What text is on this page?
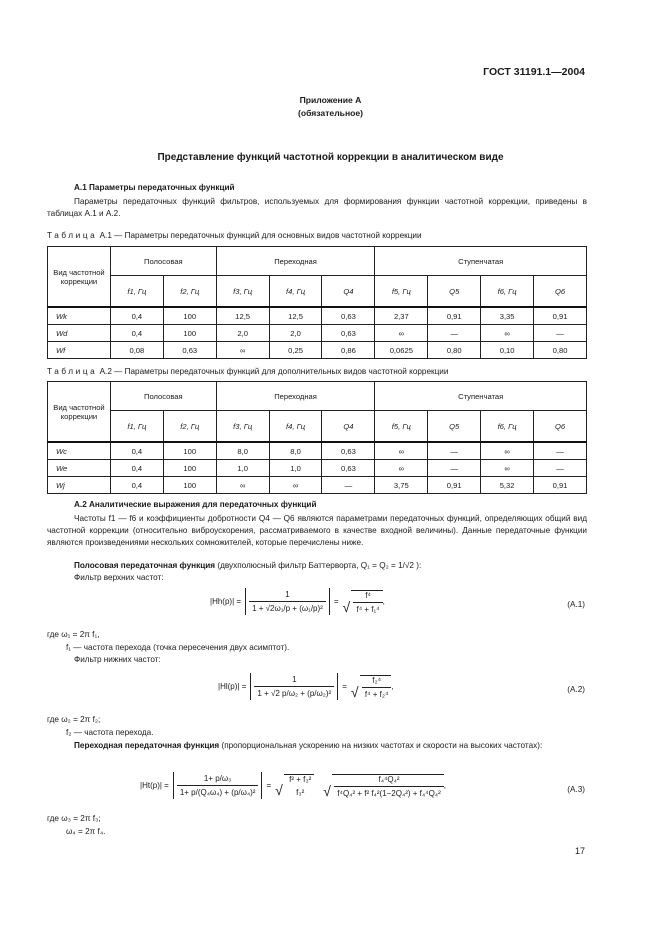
ГОСТ 31191.1—2004
Приложение А
(обязательное)
Представление функций частотной коррекции в аналитическом виде
А.1 Параметры передаточных функций
Параметры передаточных функций фильтров, используемых для формирования функции частотной коррекции, приведены в таблицах А.1 и А.2.
Таблица А.1 — Параметры передаточных функций для основных видов частотной коррекции
Вид частотной коррекции	Полосовая		Переходная			Ступенчатая			
	f1, Гц	f2, Гц	f3, Гц	f4, Гц	Q4	f5, Гц	Q5	f6, Гц	Q6
Wk	0,4	100	12,5	12,5	0,63	2,37	0,91	3,35	0,91
Wd	0,4	100	2,0	2,0	0,63	∞	—	∞	—
Wf	0,08	0,63	∞	0,25	0,86	0,0625	0,80	0,10	0,80
Таблица А.2 — Параметры передаточных функций для дополнительных видов частотной коррекции
Вид частотной коррекции	Полосовая		Переходная			Ступенчатая			
	f1, Гц	f2, Гц	f3, Гц	f4, Гц	Q4	f5, Гц	Q5	f6, Гц	Q6
Wc	0,4	100	8,0	8,0	0,63	∞	—	∞	—
We	0,4	100	1,0	1,0	0,63	∞	—	∞	—
Wj	0,4	100	∞	∞	—	3,75	0,91	5,32	0,91
А.2 Аналитические выражения для передаточных функций
Частоты f1 — f6 и коэффициенты добротности Q4 — Q6 являются параметрами передаточных функций, определяющих общий вид частотной коррекции (относительно виброускорения, рассматриваемого в качестве входной величины). Данные передаточные функции являются произведениями нескольких сомножителей, которые перечислены ниже.
Полосовая передаточная функция (двухполюсный фильтр Баттерворта, Q₁ = Q₂ = 1/√2 ):
Фильтр верхних частот:
$|Hh(p)| = \frac{1}{\text{1 + √2ω₁/p + (ω₁/p)²}}$ = √ $\frac{\text{f⁴}}{\text{f⁴ + f₁⁴}}$ ,	(А.1)
где ω₁ = 2π f₁,
f₁ — частота перехода (точка пересечения двух асимптот).
Фильтр нижних частот:
$|Hl(p)| = \frac{1}{\text{1 + √2 p/ω₂ + (p/ω₂)²}}$ = √ $\frac{\text{f₂⁴}}{\text{f⁴ + f₂⁴}}$ ,	(А.2)
где ω₂ = 2π f₂;
f₂ — частота перехода.
Переходная передаточная функция (пропорциональная ускорению на низких частотах и скорости на высоких частотах):
$|Ht(p)| = \frac{\text{1+ p/ω₃}}{\text{1+ p/(Q₄ω₄) + (p/ω₄)²}}$ =
√ f² + f₃²
f₃²	√ $\frac{\text{f₄⁴Q₄²}}{\text{f⁴Q₄² + f² f₄²(1−2Q₄²) + f₄⁴Q₄²}}$ ,	(А.3)
где ω₃ = 2π f₃;
ω₄ = 2π f₄.
17
